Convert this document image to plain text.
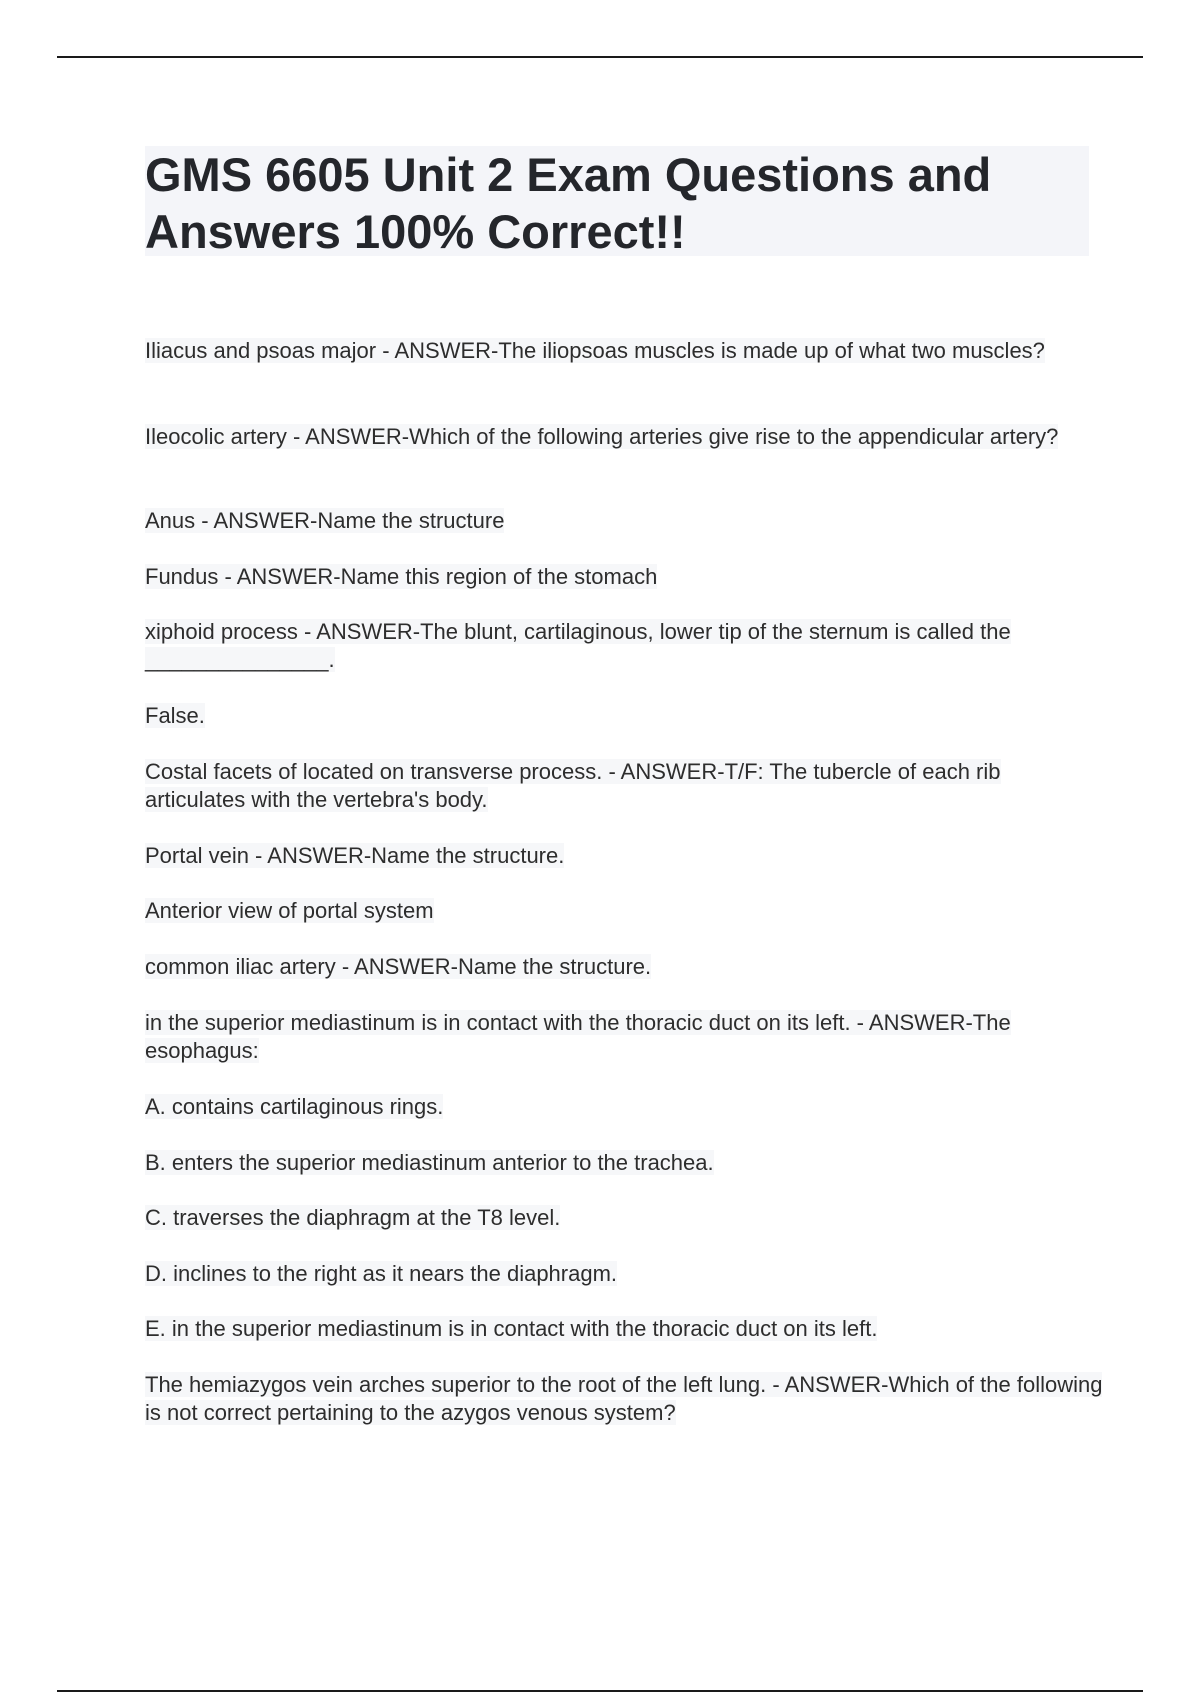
GMS 6605 Unit 2 Exam Questions and Answers 100% Correct!!

Iliacus and psoas major - ANSWER-The iliopsoas muscles is made up of what two muscles?

Ileocolic artery - ANSWER-Which of the following arteries give rise to the appendicular artery?

Anus - ANSWER-Name the structure

Fundus - ANSWER-Name this region of the stomach

xiphoid process - ANSWER-The blunt, cartilaginous, lower tip of the sternum is called the _______________.

False.

Costal facets of located on transverse process. - ANSWER-T/F: The tubercle of each rib articulates with the vertebra's body.

Portal vein - ANSWER-Name the structure.

Anterior view of portal system

common iliac artery - ANSWER-Name the structure.

in the superior mediastinum is in contact with the thoracic duct on its left. - ANSWER-The esophagus:

A. contains cartilaginous rings.

B. enters the superior mediastinum anterior to the trachea.

C. traverses the diaphragm at the T8 level.

D. inclines to the right as it nears the diaphragm.

E. in the superior mediastinum is in contact with the thoracic duct on its left.

The hemiazygos vein arches superior to the root of the left lung. - ANSWER-Which of the following is not correct pertaining to the azygos venous system?
